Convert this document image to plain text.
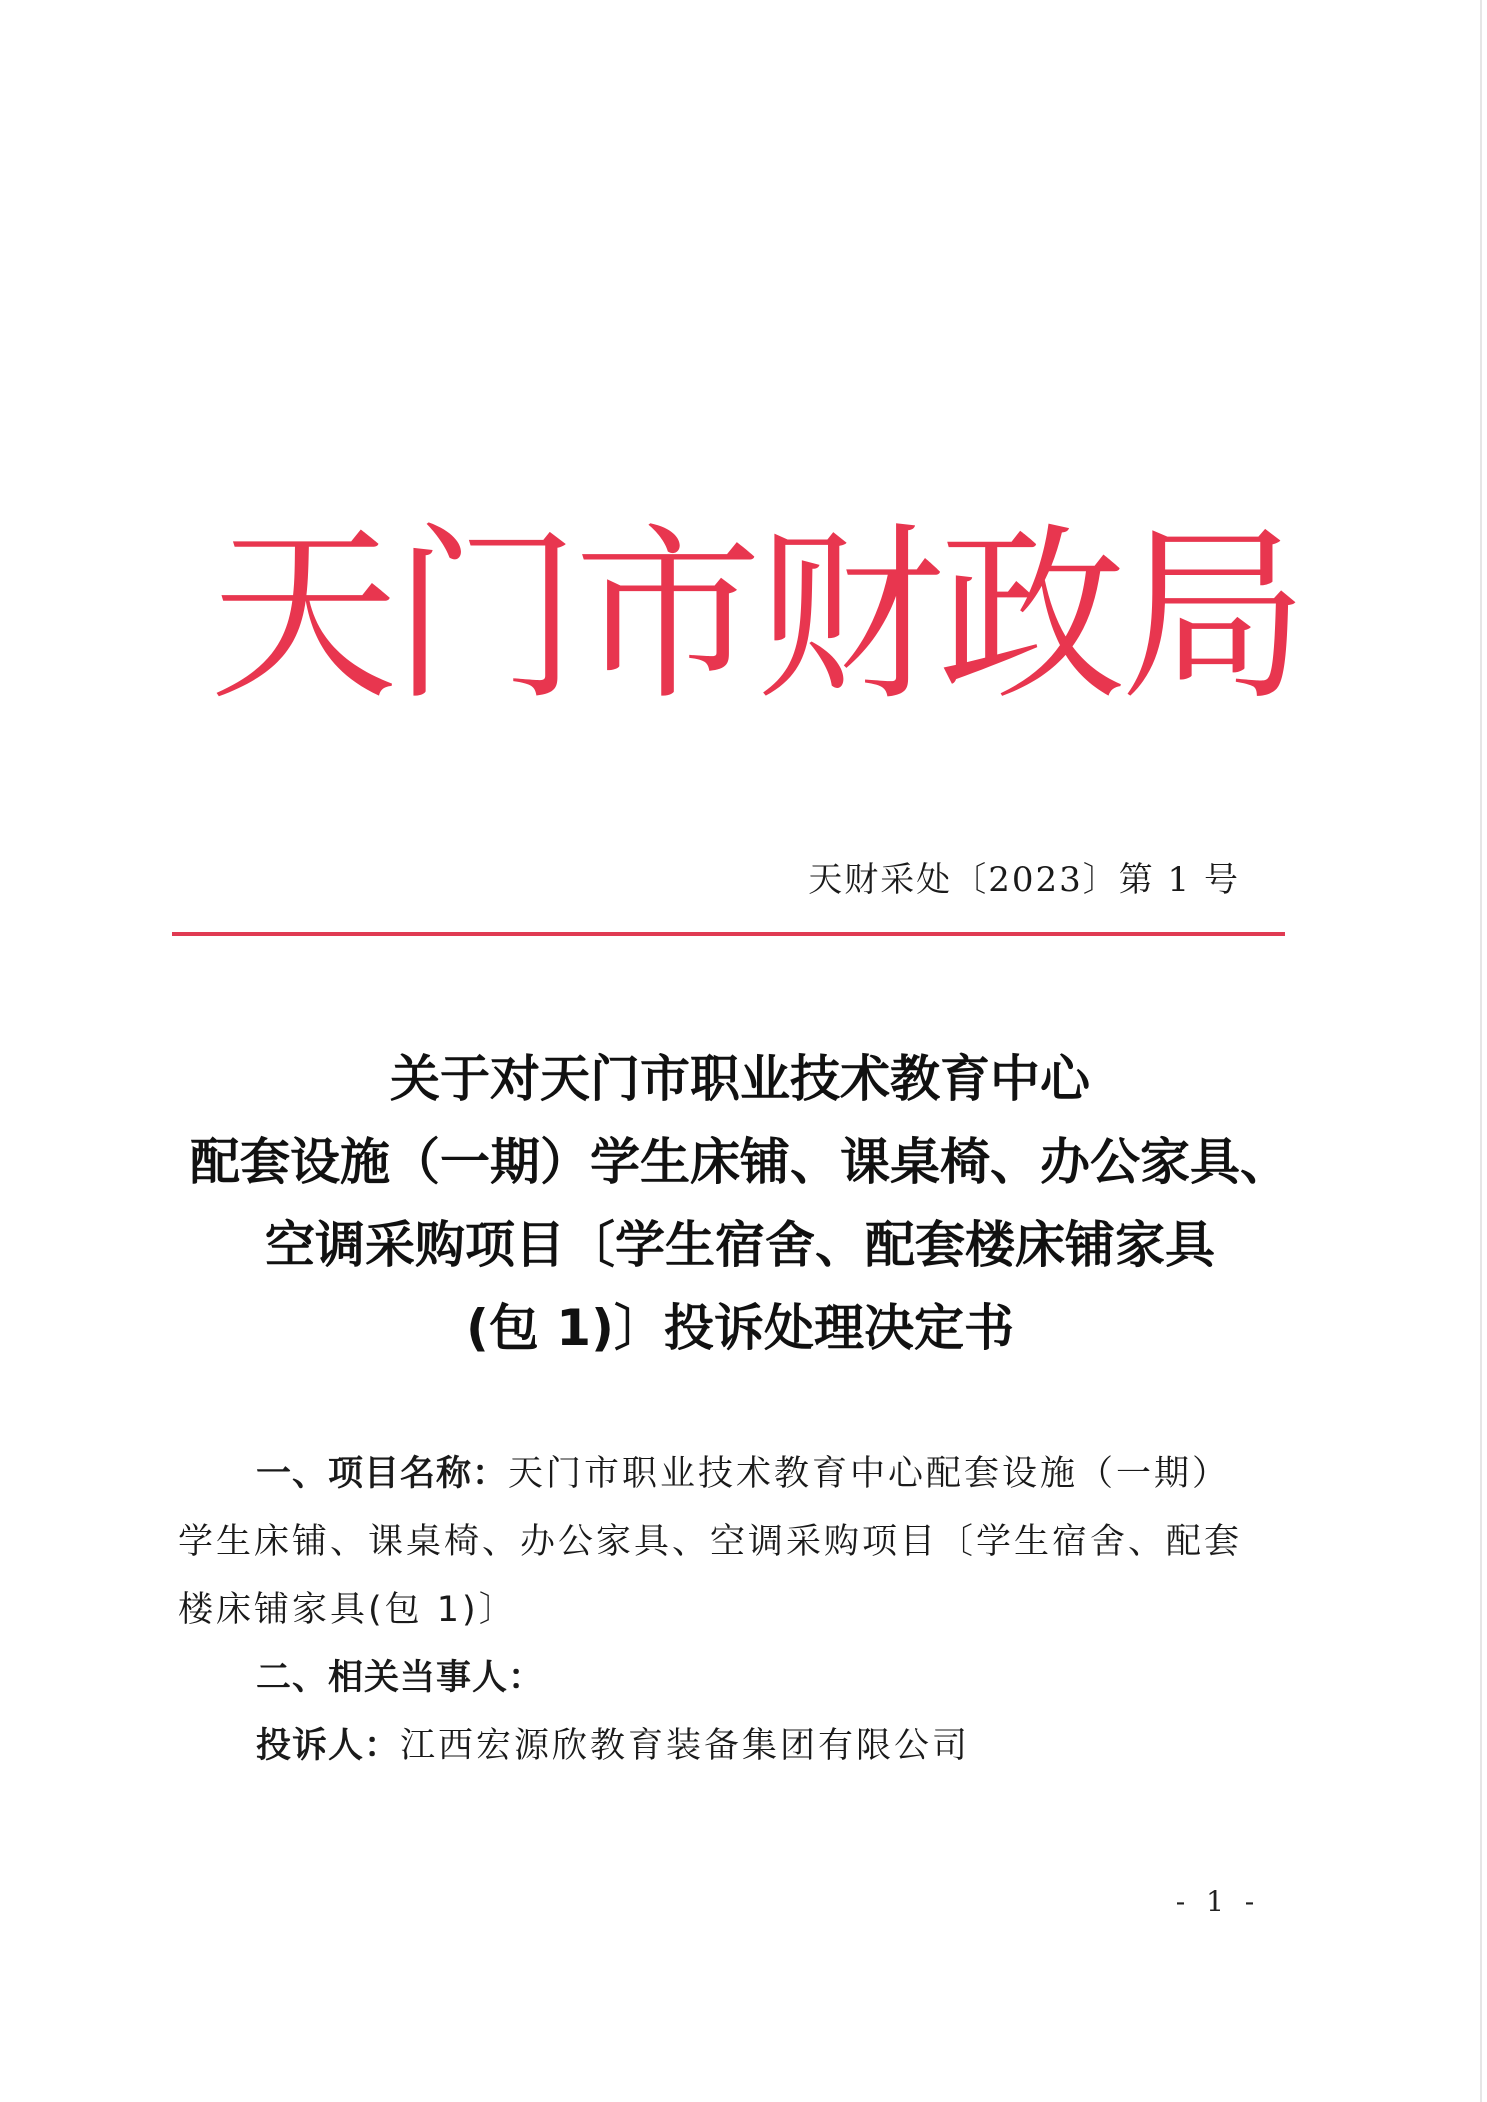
天门市财政局
天财采处〔2023〕第 1 号
关于对天门市职业技术教育中心
配套设施（一期）学生床铺、课桌椅、办公家具、
空调采购项目〔学生宿舍、配套楼床铺家具
(包 1)〕投诉处理决定书

一、项目名称：天门市职业技术教育中心配套设施（一期）学生床铺、课桌椅、办公家具、空调采购项目〔学生宿舍、配套楼床铺家具(包 1)〕

二、相关当事人：

投诉人：江西宏源欣教育装备集团有限公司

- 1 -
